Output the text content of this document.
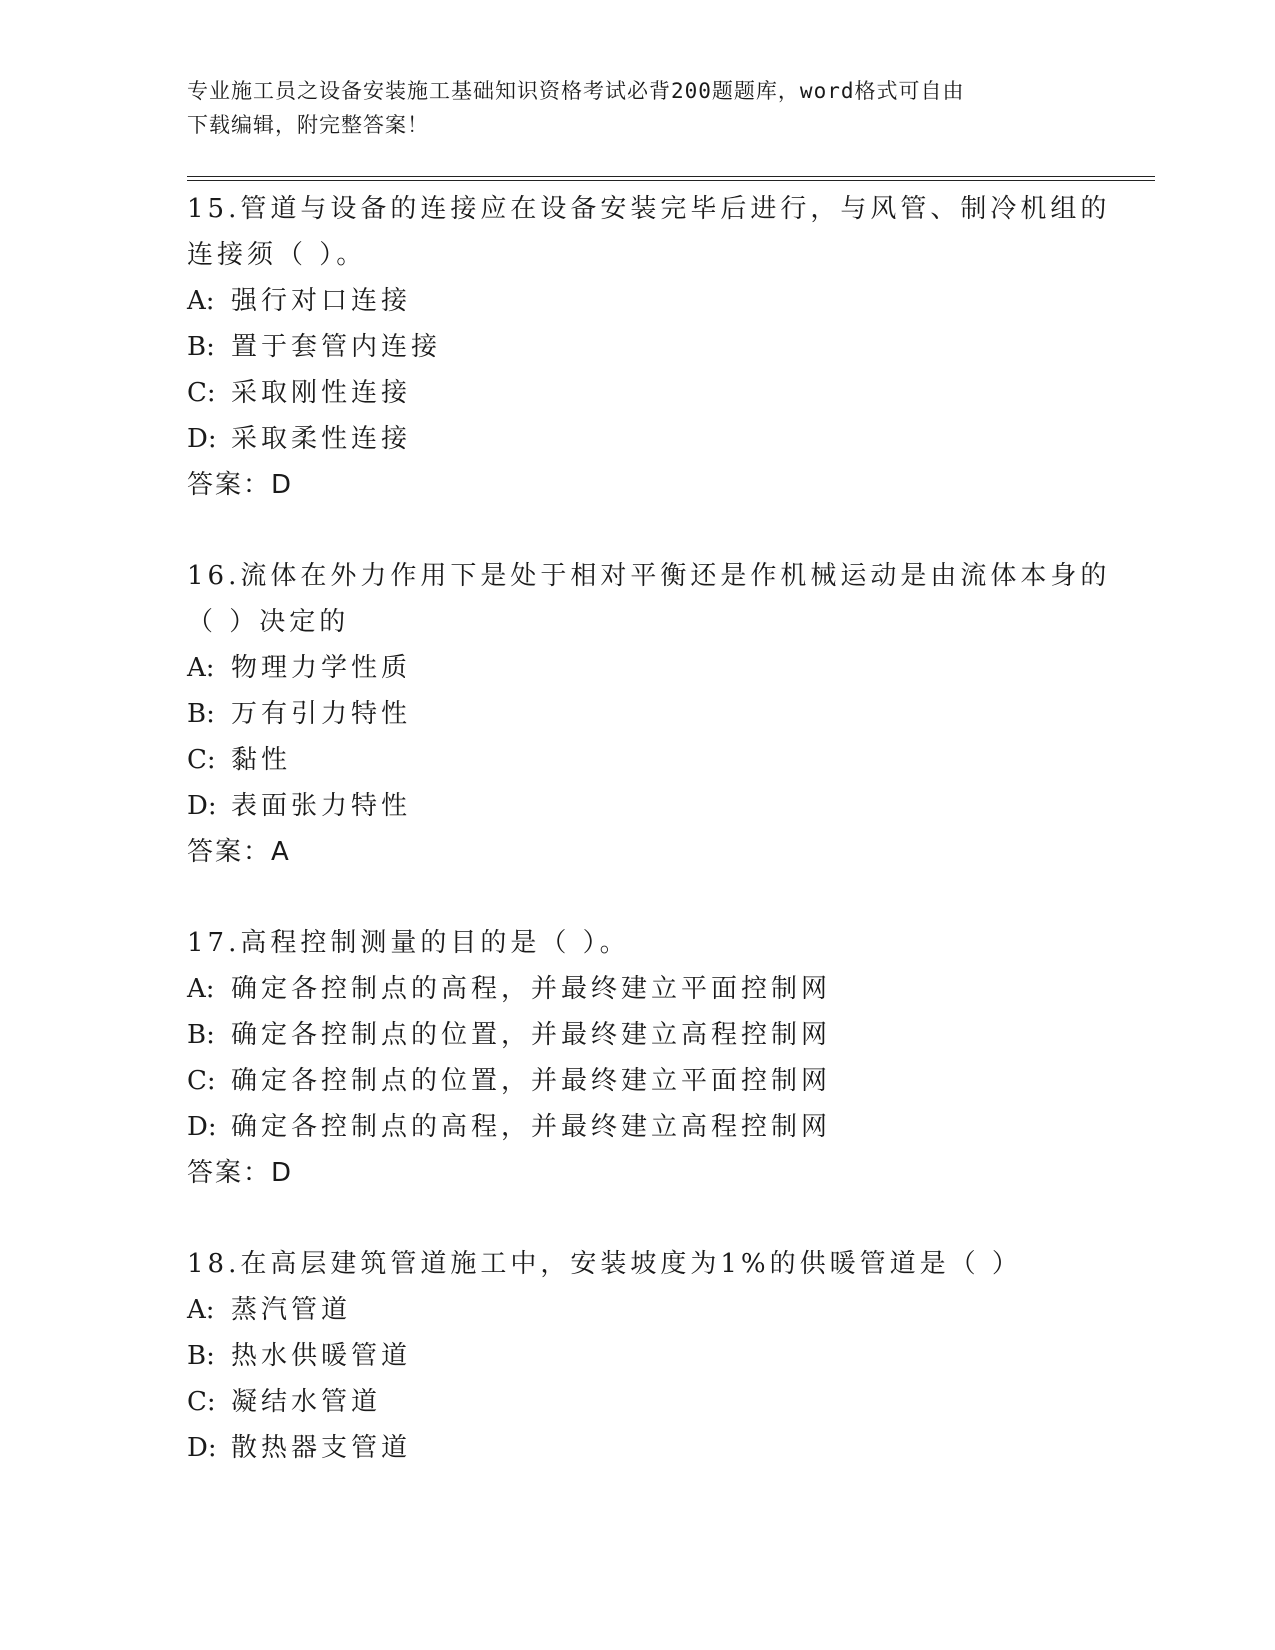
专业施工员之设备安装施工基础知识资格考试必背200题题库，word格式可自由
下载编辑，附完整答案！
15.管道与设备的连接应在设备安装完毕后进行，与风管、制冷机组的
连接须（ ）。
A: 强行对口连接
B: 置于套管内连接
C: 采取刚性连接
D: 采取柔性连接
答案：D
16.流体在外力作用下是处于相对平衡还是作机械运动是由流体本身的
（ ）决定的
A: 物理力学性质
B: 万有引力特性
C: 黏性
D: 表面张力特性
答案：A
17.高程控制测量的目的是（ ）。
A: 确定各控制点的高程，并最终建立平面控制网
B: 确定各控制点的位置，并最终建立高程控制网
C: 确定各控制点的位置，并最终建立平面控制网
D: 确定各控制点的高程，并最终建立高程控制网
答案：D
18.在高层建筑管道施工中，安装坡度为1%的供暖管道是（ ）
A: 蒸汽管道
B: 热水供暖管道
C: 凝结水管道
D: 散热器支管道
